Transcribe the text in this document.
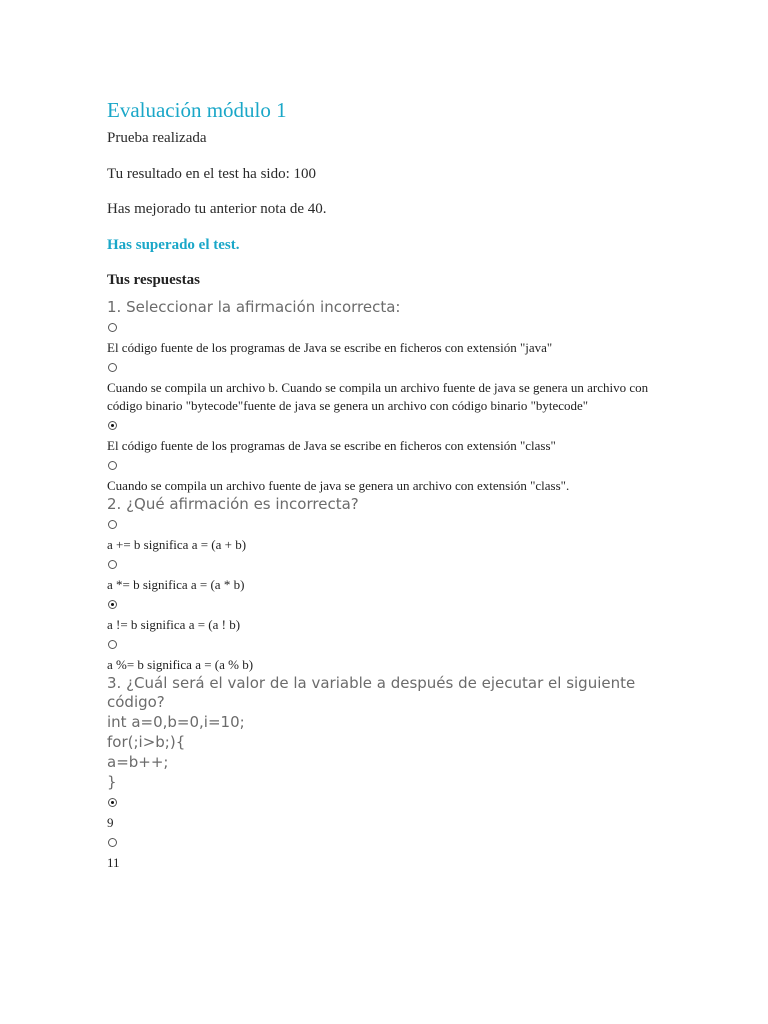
Evaluación módulo 1

Prueba realizada

Tu resultado en el test ha sido: 100

Has mejorado tu anterior nota de 40.

Has superado el test.

Tus respuestas

1. Seleccionar la afirmación incorrecta:

El código fuente de los programas de Java se escribe en ficheros con extensión "java"

Cuando se compila un archivo b. Cuando se compila un archivo fuente de java se genera un archivo con código binario "bytecode"fuente de java se genera un archivo con código binario "bytecode"

El código fuente de los programas de Java se escribe en ficheros con extensión "class"

Cuando se compila un archivo fuente de java se genera un archivo con extensión "class".

2. ¿Qué afirmación es incorrecta?

a += b significa a = (a + b)

a *= b significa a = (a * b)

a != b significa a = (a ! b)

a %= b significa a = (a % b)

3. ¿Cuál será el valor de la variable a después de ejecutar el siguiente código?

int a=0,b=0,i=10;

for(;i>b;){

a=b++;

}

9

11
